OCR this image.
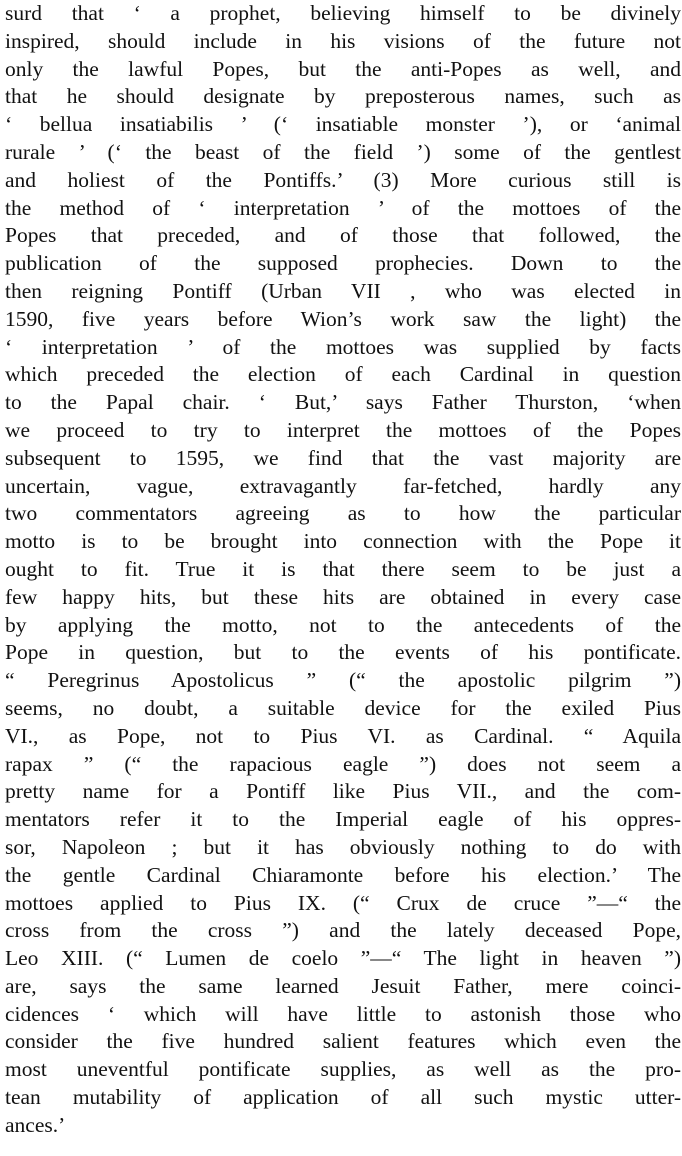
surd that ‘ a prophet, believing himself to be divinely
inspired, should include in his visions of the future not
only the lawful Popes, but the anti-Popes as well, and
that he should designate by preposterous names, such as
‘ bellua insatiabilis ’ (‘ insatiable monster ’), or ‘animal
rurale ’ (‘ the beast of the field ’) some of the gentlest
and holiest of the Pontiffs.’ (3) More curious still is
the method of ‘ interpretation ’ of the mottoes of the
Popes that preceded, and of those that followed, the
publication of the supposed prophecies. Down to the
then reigning Pontiff (Urban VII , who was elected in
1590, five years before Wion’s work saw the light) the
‘ interpretation ’ of the mottoes was supplied by facts
which preceded the election of each Cardinal in question
to the Papal chair. ‘ But,’ says Father Thurston, ‘when
we proceed to try to interpret the mottoes of the Popes
subsequent to 1595, we find that the vast majority are
uncertain, vague, extravagantly far-fetched, hardly any
two commentators agreeing as to how the particular
motto is to be brought into connection with the Pope it
ought to fit. True it is that there seem to be just a
few happy hits, but these hits are obtained in every case
by applying the motto, not to the antecedents of the
Pope in question, but to the events of his pontificate.
“ Peregrinus Apostolicus ” (“ the apostolic pilgrim ”)
seems, no doubt, a suitable device for the exiled Pius
VI., as Pope, not to Pius VI. as Cardinal. “ Aquila
rapax ” (“ the rapacious eagle ”) does not seem a
pretty name for a Pontiff like Pius VII., and the com-
mentators refer it to the Imperial eagle of his oppres-
sor, Napoleon ; but it has obviously nothing to do with
the gentle Cardinal Chiaramonte before his election.’ The
mottoes applied to Pius IX. (“ Crux de cruce ”—“ the
cross from the cross ”) and the lately deceased Pope,
Leo XIII. (“ Lumen de coelo ”—“ The light in heaven ”)
are, says the same learned Jesuit Father, mere coinci-
cidences ‘ which will have little to astonish those who
consider the five hundred salient features which even the
most uneventful pontificate supplies, as well as the pro-
tean mutability of application of all such mystic utter-
ances.’
